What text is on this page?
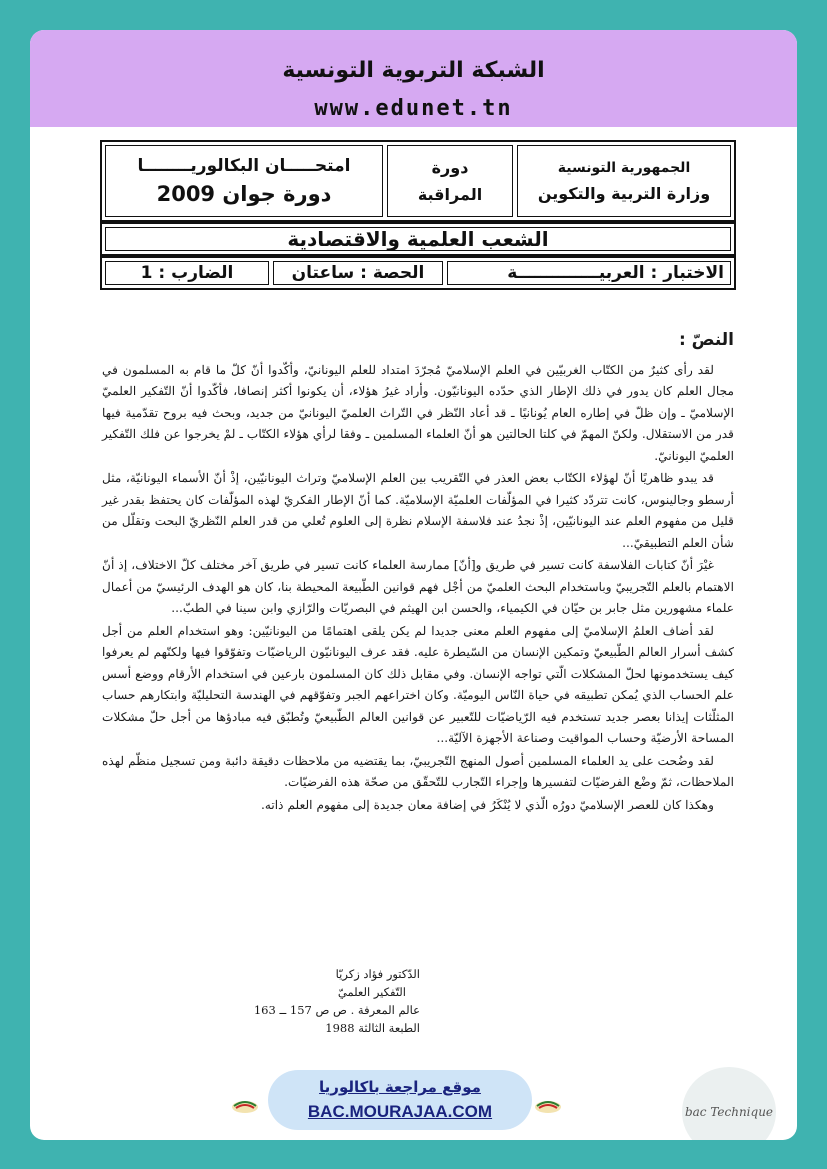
الشبكة التربوية التونسية
www.edunet.tn
الجمهورية التونسية
وزارة التربية والتكوين
دورة
المراقبة
امتحـــــان البكالوريــــــــا
دورة جوان 2009
الشعب العلمية والاقتصادية
الاختبار : العربيــــــــــــــة
الحصة : ساعتان
الضارب : 1
النصّ :

لقد رأى كثيرٌ من الكتّاب الغربيّين في العلم الإسلاميّ مُجرّدَ امتداد للعلم اليونانيّ، وأكّدوا أنّ كلّ ما قام به المسلمون في مجال العلم كان يدور في ذلك الإطار الذي حدّده اليونانيّون. وأراد غيرُ هؤلاء، أن يكونوا أكثر إنصافا، فأكّدوا أنّ التّفكير العلميّ الإسلاميّ ـ وإن ظلّ في إطاره العام يُونانيًا ـ قد أعاد النّظر في التّراث العلميّ اليونانيّ من جديد، وبحث فيه بروح تقدّمية فيها قدر من الاستقلال. ولكنّ المهمّ في كلتا الحالتين هو أنّ العلماء المسلمين ـ وفقا لرأي هؤلاء الكتّاب ـ لمْ يخرجوا عن فلك التّفكير العلميّ اليونانيّ.

قد يبدو ظاهريًا أنّ لهؤلاء الكتّاب بعض العذر في التّقريب بين العلم الإسلاميّ وتراث اليونانيّين، إذْ أنّ الأسماء اليونانيّة، مثل أرسطو وجالينوس، كانت تتردّد كثيرا في المؤلّفات العلميّة الإسلاميّة. كما أنّ الإطار الفكريّ لهذه المؤلّفات كان يحتفظ بقدر غير قليل من مفهوم العلم عند اليونانيّين، إذْ نجدُ عند فلاسفة الإسلام نظرة إلى العلوم تُعلي من قدر العلم النّظريّ البحت وتقلّل من شأن العلم التطبيقيّ...

غيْرَ أنّ كتابات الفلاسفة كانت تسير في طريق و[أنّ] ممارسة العلماء كانت تسير في طريق آخر مختلف كلّ الاختلاف، إذ أنّ الاهتمام بالعلم التّجريبيّ وباستخدام البحث العلميّ من أجْل فهم قوانين الطّبيعة المحيطة بنا، كان هو الهدف الرئيسيّ من أعمال علماء مشهورين مثل جابر بن حيّان في الكيمياء، والحسن ابن الهيثم في البصريّات والرّازي وابن سينا في الطبّ...

لقد أضاف العلمُ الإسلاميّ إلى مفهوم العلم معنى جديدا لم يكن يلقى اهتمامًا من اليونانيّين: وهو استخدام العلم من أجل كشف أسرار العالم الطّبيعيّ وتمكين الإنسان من السّيطرة عليه. فقد عرف اليونانيّون الرياضيّات وتفوّقوا فيها ولكنّهم لم يعرفوا كيف يستخدمونها لحلّ المشكلات الّتي تواجه الإنسان. وفي مقابل ذلك كان المسلمون بارعين في استخدام الأرقام ووضع أسس علم الحساب الذي يُمكن تطبيقه في حياة النّاس اليوميّة. وكان اختراعهم الجبر وتفوّقهم في الهندسة التحليليّة وابتكارهم حساب المثلّثات إيذانا بعصر جديد تستخدم فيه الرّياضيّات للتّعبير عن قوانين العالم الطّبيعيّ وتُطبّق فيه مبادؤها من أجل حلّ مشكلات المساحة الأرضيّة وحساب المواقيت وصناعة الأجهزة الآليّة...

لقد وضُحت على يد العلماء المسلمين أصول المنهج التّجريبيّ، بما يقتضيه من ملاحظات دقيقة دائبة ومن تسجيل منظّم لهذه الملاحظات، ثمّ وضْع الفرضيّات لتفسيرها وإجراء التّجارب للتّحقّق من صحّة هذه الفرضيّات.

وهكذا كان للعصر الإسلاميّ دورُه الّذي لا يُنْكَرُ في إضافة معان جديدة إلى مفهوم العلم ذاته.

الدّكتور فؤاد زكريّا
التّفكير العلميّ
عالم المعرفة . ص ص 157 ــ 163
الطبعة الثالثة 1988
موقع مراجعة باكالوريا
BAC.MOURAJAA.COM	bac Technique
